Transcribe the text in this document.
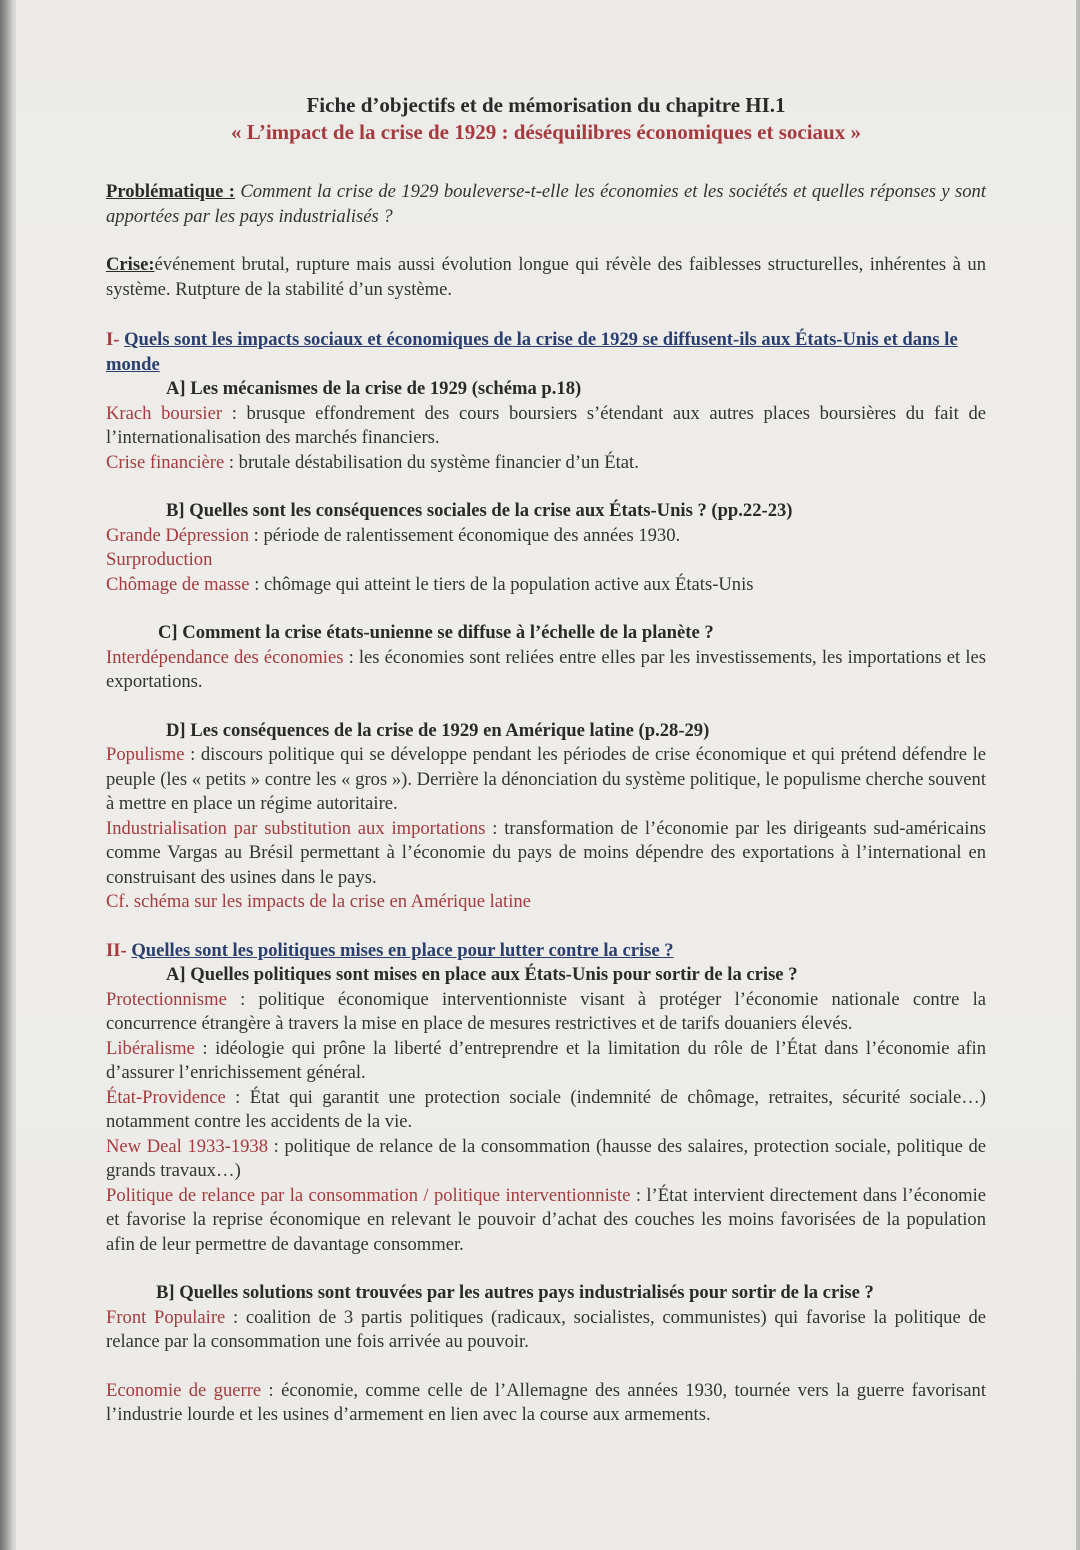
Fiche d’objectifs et de mémorisation du chapitre HI.1

« L’impact de la crise de 1929 : déséquilibres économiques et sociaux »

Problématique : Comment la crise de 1929 bouleverse-t-elle les économies et les sociétés et quelles réponses y sont apportées par les pays industrialisés ?

Crise:événement brutal, rupture mais aussi évolution longue qui révèle des faiblesses structurelles, inhérentes à un système. Rutpture de la stabilité d’un système.

I- Quels sont les impacts sociaux et économiques de la crise de 1929 se diffusent-ils aux États-Unis et dans le monde

A] Les mécanismes de la crise de 1929 (schéma p.18)

Krach boursier : brusque effondrement des cours boursiers s’étendant aux autres places boursières du fait de l’internationalisation des marchés financiers.

Crise financière : brutale déstabilisation du système financier d’un État.

B] Quelles sont les conséquences sociales de la crise aux États-Unis ? (pp.22-23)

Grande Dépression : période de ralentissement économique des années 1930.

Surproduction

Chômage de masse : chômage qui atteint le tiers de la population active aux États-Unis

C] Comment la crise états-unienne se diffuse à l’échelle de la planète ?

Interdépendance des économies : les économies sont reliées entre elles par les investissements, les importations et les exportations.

D] Les conséquences de la crise de 1929 en Amérique latine (p.28-29)

Populisme : discours politique qui se développe pendant les périodes de crise économique et qui prétend défendre le peuple (les « petits » contre les « gros »). Derrière la dénonciation du système politique, le populisme cherche souvent à mettre en place un régime autoritaire.

Industrialisation par substitution aux importations : transformation de l’économie par les dirigeants sud-américains comme Vargas au Brésil permettant à l’économie du pays de moins dépendre des exportations à l’international en construisant des usines dans le pays.

Cf. schéma sur les impacts de la crise en Amérique latine

II- Quelles sont les politiques mises en place pour lutter contre la crise ?

A] Quelles politiques sont mises en place aux États-Unis pour sortir de la crise ?

Protectionnisme : politique économique interventionniste visant à protéger l’économie nationale contre la concurrence étrangère à travers la mise en place de mesures restrictives et de tarifs douaniers élevés.

Libéralisme : idéologie qui prône la liberté d’entreprendre et la limitation du rôle de l’État dans l’économie afin d’assurer l’enrichissement général.

État-Providence : État qui garantit une protection sociale (indemnité de chômage, retraites, sécurité sociale…) notamment contre les accidents de la vie.

New Deal 1933-1938 : politique de relance de la consommation (hausse des salaires, protection sociale, politique de grands travaux…)

Politique de relance par la consommation / politique interventionniste : l’État intervient directement dans l’économie et favorise la reprise économique en relevant le pouvoir d’achat des couches les moins favorisées de la population afin de leur permettre de davantage consommer.

B] Quelles solutions sont trouvées par les autres pays industrialisés pour sortir de la crise ?

Front Populaire : coalition de 3 partis politiques (radicaux, socialistes, communistes) qui favorise la politique de relance par la consommation une fois arrivée au pouvoir.

Economie de guerre : économie, comme celle de l’Allemagne des années 1930, tournée vers la guerre favorisant l’industrie lourde et les usines d’armement en lien avec la course aux armements.
